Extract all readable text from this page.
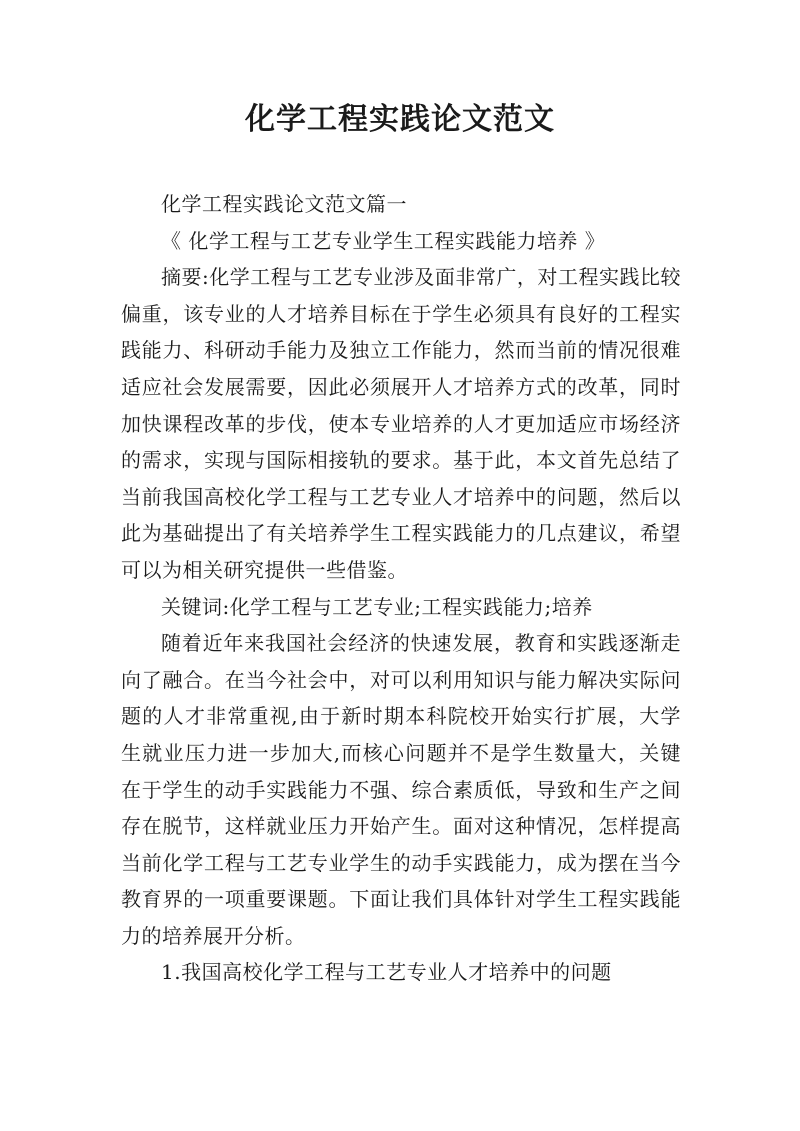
化学工程实践论文范文

化学工程实践论文范文篇一

《 化学工程与工艺专业学生工程实践能力培养 》

摘要:化学工程与工艺专业涉及面非常广，对工程实践比较偏重，该专业的人才培养目标在于学生必须具有良好的工程实践能力、科研动手能力及独立工作能力，然而当前的情况很难适应社会发展需要，因此必须展开人才培养方式的改革，同时加快课程改革的步伐，使本专业培养的人才更加适应市场经济的需求，实现与国际相接轨的要求。基于此，本文首先总结了当前我国高校化学工程与工艺专业人才培养中的问题，然后以此为基础提出了有关培养学生工程实践能力的几点建议，希望可以为相关研究提供一些借鉴。

关键词:化学工程与工艺专业;工程实践能力;培养

随着近年来我国社会经济的快速发展，教育和实践逐渐走向了融合。在当今社会中，对可以利用知识与能力解决实际问题的人才非常重视,由于新时期本科院校开始实行扩展，大学生就业压力进一步加大,而核心问题并不是学生数量大，关键在于学生的动手实践能力不强、综合素质低，导致和生产之间存在脱节，这样就业压力开始产生。面对这种情况，怎样提高当前化学工程与工艺专业学生的动手实践能力，成为摆在当今教育界的一项重要课题。下面让我们具体针对学生工程实践能力的培养展开分析。

1.我国高校化学工程与工艺专业人才培养中的问题
